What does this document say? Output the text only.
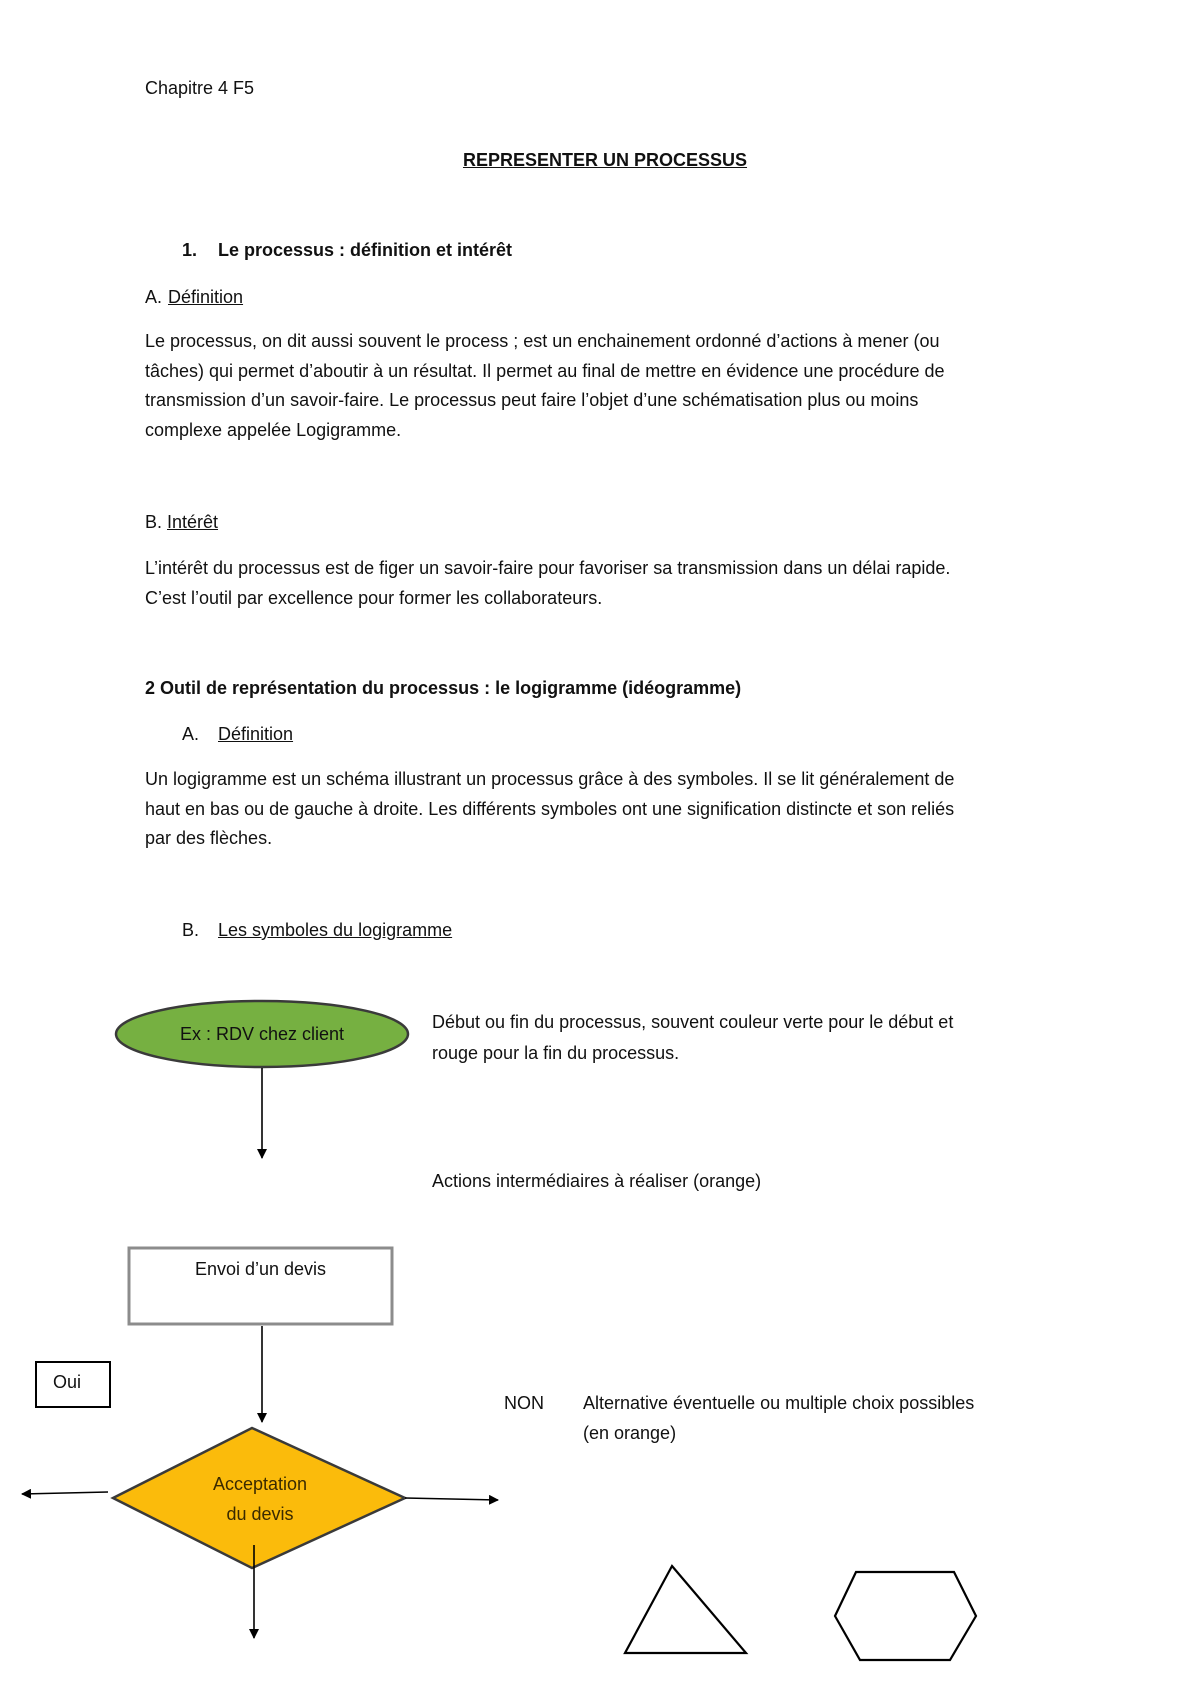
Chapitre 4 F5

REPRESENTER UN PROCESSUS

1. Le processus : définition et intérêt

A. Définition

Le processus, on dit aussi souvent le process ; est un enchainement ordonné d’actions à mener (ou

tâches) qui permet d’aboutir à un résultat. Il permet au final de mettre en évidence une procédure de

transmission d’un savoir-faire. Le processus peut faire l’objet d’une schématisation plus ou moins

complexe appelée Logigramme.

B. Intérêt

L’intérêt du processus est de figer un savoir-faire pour favoriser sa transmission dans un délai rapide.

C’est l’outil par excellence pour former les collaborateurs.

2 Outil de représentation du processus : le logigramme (idéogramme)

A. Définition

Un logigramme est un schéma illustrant un processus grâce à des symboles. Il se lit généralement de

haut en bas ou de gauche à droite. Les différents symboles ont une signification distincte et son reliés

par des flèches.

B. Les symboles du logigramme

Ex : RDV chez client

Début ou fin du processus, souvent couleur verte pour le début et

rouge pour la fin du processus.

Actions intermédiaires à réaliser (orange)

Envoi d’un devis
Oui

NON Alternative éventuelle ou multiple choix possibles

(en orange)

Acceptation
du devis
